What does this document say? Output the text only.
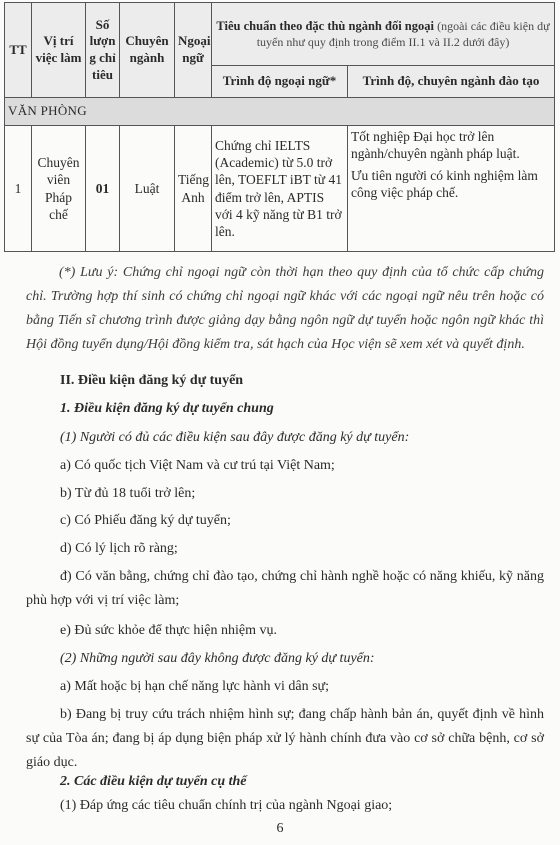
TT	Vị trí việc làm	Số lượn g chỉ tiêu	Chuyên ngành	Ngoại ngữ	Tiêu chuẩn theo đặc thù ngành đối ngoại (ngoài các điều kiện dự tuyển như quy định trong điểm II.1 và II.2 dưới đây)	
					Trình độ ngoại ngữ*	Trình độ, chuyên ngành đào tạo
VĂN PHÒNG						
1	Chuyên viên Pháp chế	01	Luật	Tiếng Anh	Chứng chỉ IELTS (Academic) từ 5.0 trở lên, TOEFLT iBT từ 41 điểm trở lên, APTIS với 4 kỹ năng từ B1 trở lên.	Tốt nghiệp Đại học trở lên ngành/chuyên ngành pháp luật.
Ưu tiên người có kinh nghiệm làm công việc pháp chế.
(*) Lưu ý: Chứng chỉ ngoại ngữ còn thời hạn theo quy định của tổ chức cấp chứng chỉ. Trường hợp thí sinh có chứng chỉ ngoại ngữ khác với các ngoại ngữ nêu trên hoặc có bằng Tiến sĩ chương trình được giảng dạy bằng ngôn ngữ dự tuyển hoặc ngôn ngữ khác thì Hội đồng tuyển dụng/Hội đồng kiểm tra, sát hạch của Học viện sẽ xem xét và quyết định.
II. Điều kiện đăng ký dự tuyển
1. Điều kiện đăng ký dự tuyển chung
(1) Người có đủ các điều kiện sau đây được đăng ký dự tuyển:
a) Có quốc tịch Việt Nam và cư trú tại Việt Nam;
b) Từ đủ 18 tuổi trở lên;
c) Có Phiếu đăng ký dự tuyển;
d) Có lý lịch rõ ràng;
đ) Có văn bằng, chứng chỉ đào tạo, chứng chỉ hành nghề hoặc có năng khiếu, kỹ năng phù hợp với vị trí việc làm;
e) Đủ sức khỏe để thực hiện nhiệm vụ.
(2) Những người sau đây không được đăng ký dự tuyển:
a) Mất hoặc bị hạn chế năng lực hành vi dân sự;
b) Đang bị truy cứu trách nhiệm hình sự; đang chấp hành bản án, quyết định về hình sự của Tòa án; đang bị áp dụng biện pháp xử lý hành chính đưa vào cơ sở chữa bệnh, cơ sở giáo dục.
2. Các điều kiện dự tuyển cụ thể
(1) Đáp ứng các tiêu chuẩn chính trị của ngành Ngoại giao;
6
